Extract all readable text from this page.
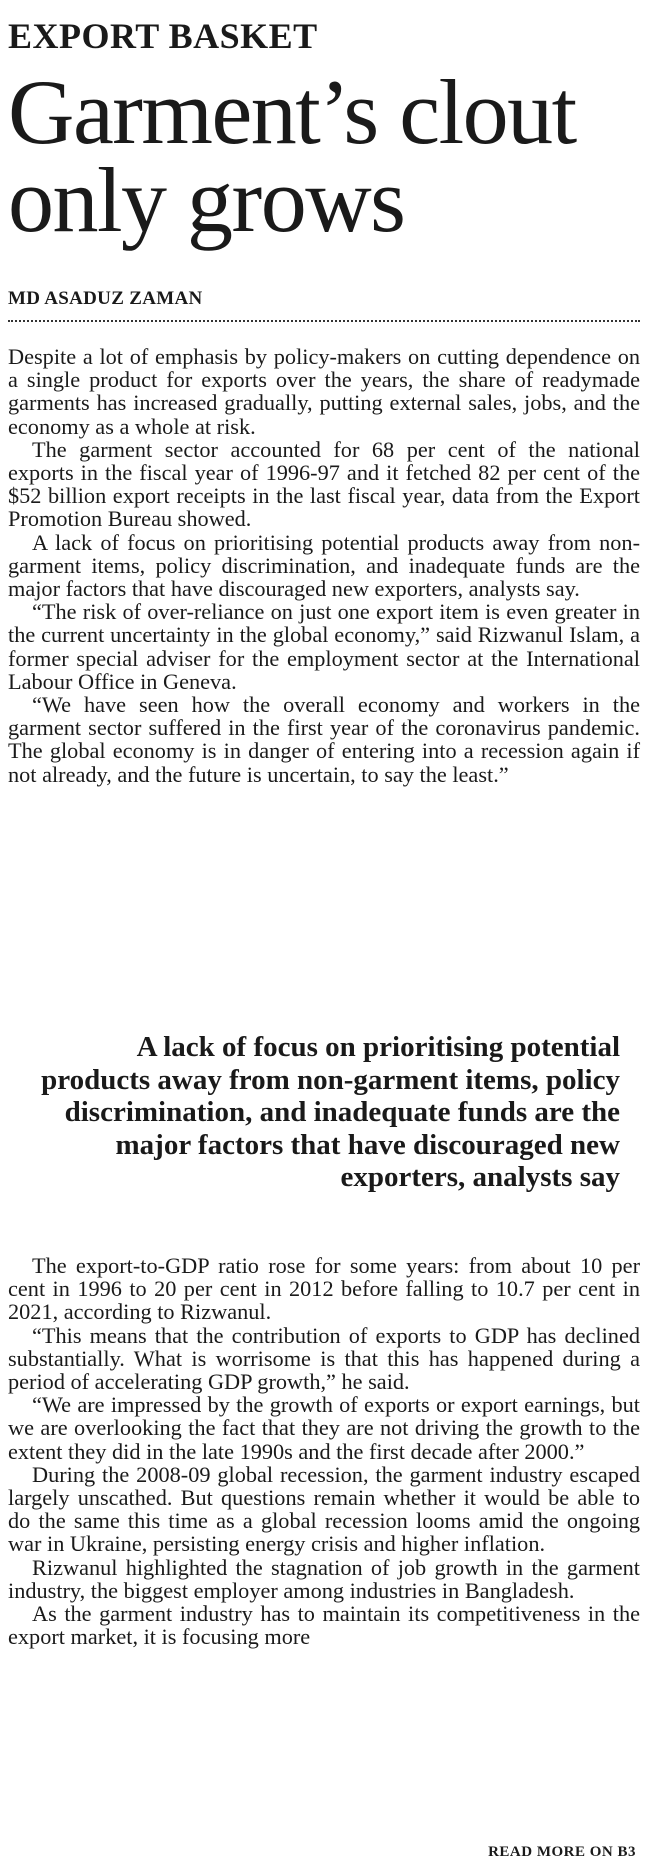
EXPORT BASKET
Garment’s clout only grows
MD ASADUZ ZAMAN

Despite a lot of emphasis by policy-makers on cutting dependence on a single product for exports over the years, the share of readymade garments has increased gradually, putting external sales, jobs, and the economy as a whole at risk.

The garment sector accounted for 68 per cent of the national exports in the fiscal year of 1996-97 and it fetched 82 per cent of the $52 billion export receipts in the last fiscal year, data from the Export Promotion Bureau showed.

A lack of focus on prioritising potential products away from non-garment items, policy discrimination, and inadequate funds are the major factors that have discouraged new exporters, analysts say.

“The risk of over-reliance on just one export item is even greater in the current uncertainty in the global economy,” said Rizwanul Islam, a former special adviser for the employment sector at the International Labour Office in Geneva.

“We have seen how the overall economy and workers in the garment sector suffered in the first year of the coronavirus pandemic. The global economy is in danger of entering into a recession again if not already, and the future is uncertain, to say the least.”

A lack of focus on prioritising potential products away from non-garment items, policy discrimination, and inadequate funds are the major factors that have discouraged new exporters, analysts say

The export-to-GDP ratio rose for some years: from about 10 per cent in 1996 to 20 per cent in 2012 before falling to 10.7 per cent in 2021, according to Rizwanul.

“This means that the contribution of exports to GDP has declined substantially. What is worrisome is that this has happened during a period of accelerating GDP growth,” he said.

“We are impressed by the growth of exports or export earnings, but we are overlooking the fact that they are not driving the growth to the extent they did in the late 1990s and the first decade after 2000.”

During the 2008-09 global recession, the garment industry escaped largely unscathed. But questions remain whether it would be able to do the same this time as a global recession looms amid the ongoing war in Ukraine, persisting energy crisis and higher inflation.

Rizwanul highlighted the stagnation of job growth in the garment industry, the biggest employer among industries in Bangladesh.

As the garment industry has to maintain its competitiveness in the export market, it is focusing more

READ MORE ON B3
